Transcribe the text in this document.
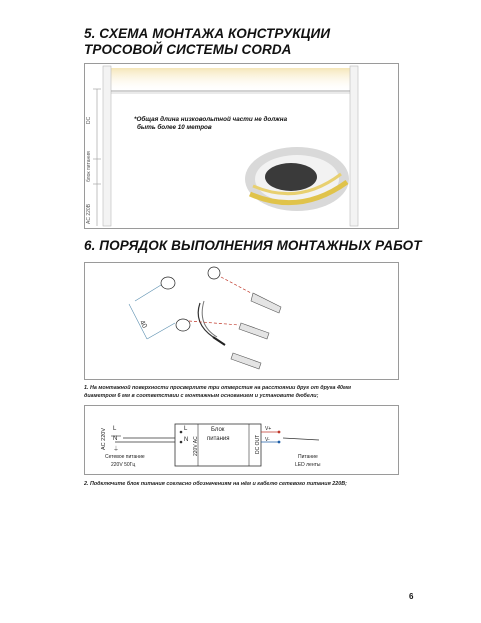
5. СХЕМА МОНТАЖА КОНСТРУКЦИИ
ТРОСОВОЙ СИСТЕМЫ CORDA
DC
блок питания
AC 220В
*Общая длина низковольтной части не должна
быть более 10 метров
6. ПОРЯДОК ВЫПОЛНЕНИЯ МОНТАЖНЫХ РАБОТ
40
1. На монтажной поверхности просверлите три отверстия на расстоянии друг от друга 40мм
диаметром 6 мм в соответствии с монтажным основанием и установите дюбели;
AC 220V L
N
⏚
Сетевое питание
220V 50Гц
L
N 220V AC
Блок
питания	DC OUT
V+
V-
Питание
LED ленты
2. Подключите блок питания согласно обозначениям на нём и кабелю сетевого питания 220В;
6
